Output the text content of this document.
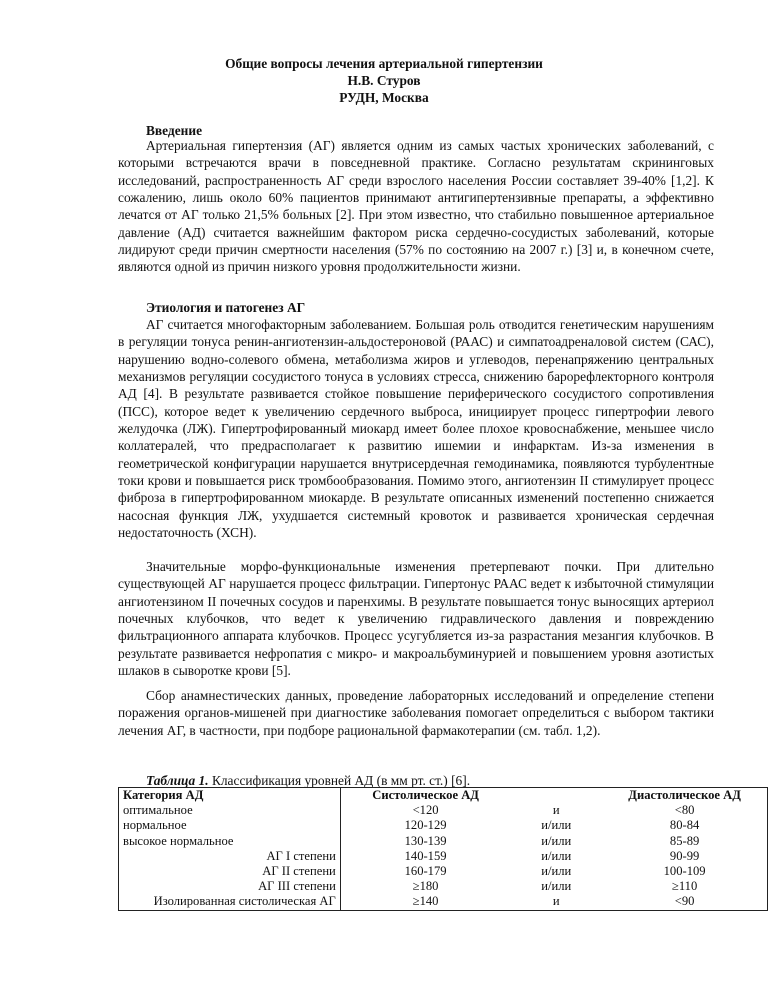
Общие вопросы лечения артериальной гипертензии
Н.В. Стуров
РУДН, Москва
Введение

Артериальная гипертензия (АГ) является одним из самых частых хронических заболеваний, с которыми встречаются врачи в повседневной практике. Согласно результатам скрининговых исследований, распространенность АГ среди взрослого населения России составляет 39-40% [1,2]. К сожалению, лишь около 60% пациентов принимают антигипертензивные препараты, а эффективно лечатся от АГ только 21,5% больных [2]. При этом известно, что стабильно повышенное артериальное давление (АД) считается важнейшим фактором риска сердечно-сосудистых заболеваний, которые лидируют среди причин смертности населения (57% по состоянию на 2007 г.) [3] и, в конечном счете, являются одной из причин низкого уровня продолжительности жизни.

Этиология и патогенез АГ

АГ считается многофакторным заболеванием. Большая роль отводится генетическим нарушениям в регуляции тонуса ренин-ангиотензин-альдостероновой (РААС) и симпатоадреналовой систем (САС), нарушению водно-солевого обмена, метаболизма жиров и углеводов, перенапряжению центральных механизмов регуляции сосудистого тонуса в условиях стресса, снижению барорефлекторного контроля АД [4]. В результате развивается стойкое повышение периферического сосудистого сопротивления (ПСС), которое ведет к увеличению сердечного выброса, инициирует процесс гипертрофии левого желудочка (ЛЖ). Гипертрофированный миокард имеет более плохое кровоснабжение, меньшее число коллатералей, что предрасполагает к развитию ишемии и инфарктам. Из-за изменения в геометрической конфигурации нарушается внутрисердечная гемодинамика, появляются турбулентные токи крови и повышается риск тромбообразования. Помимо этого, ангиотензин II стимулирует процесс фиброза в гипертрофированном миокарде. В результате описанных изменений постепенно снижается насосная функция ЛЖ, ухудшается системный кровоток и развивается хроническая сердечная недостаточность (ХСН).

Значительные морфо-функциональные изменения претерпевают почки. При длительно существующей АГ нарушается процесс фильтрации. Гипертонус РААС ведет к избыточной стимуляции ангиотензином II почечных сосудов и паренхимы. В результате повышается тонус выносящих артериол почечных клубочков, что ведет к увеличению гидравлического давления и повреждению фильтрационного аппарата клубочков. Процесс усугубляется из-за разрастания мезангия клубочков. В результате развивается нефропатия с микро- и макроальбуминурией и повышением уровня азотистых шлаков в сыворотке крови [5].

Сбор анамнестических данных, проведение лабораторных исследований и определение степени поражения органов-мишеней при диагностике заболевания помогает определиться с выбором тактики лечения АГ, в частности, при подборе рациональной фармакотерапии (см. табл. 1,2).

Таблица 1. Классификация уровней АД (в мм рт. ст.) [6].
Категория АД	Систолическое АД		Диастолическое АД
оптимальное	<120	и	<80
нормальное	120-129	и/или	80-84
высокое нормальное	130-139	и/или	85-89
АГ I степени	140-159	и/или	90-99
АГ II степени	160-179	и/или	100-109
АГ III степени	≥180	и/или	≥110
Изолированная систолическая АГ	≥140	и	<90
